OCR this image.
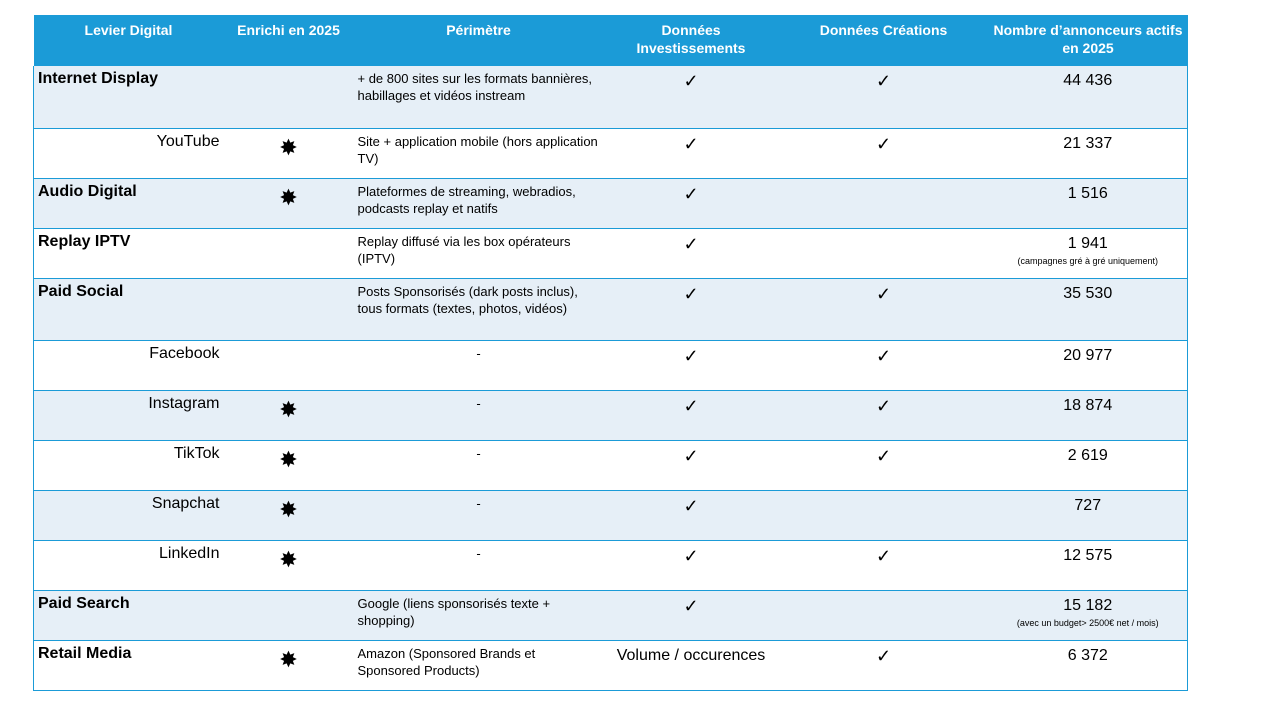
Levier Digital	Enrichi en 2025	Périmètre	Données Investissements	Données Créations	Nombre d’annonceurs actifs en 2025
Internet Display		+ de 800 sites sur les formats bannières, habillages et vidéos instream	✓	✓	44 436
YouTube	✸	Site + application mobile (hors application TV)	✓	✓	21 337
Audio Digital	✸	Plateformes de streaming, webradios, podcasts replay et natifs	✓		1 516
Replay IPTV		Replay diffusé via les box opérateurs (IPTV)	✓		1 941
(campagnes gré à gré uniquement)

Paid Social		Posts Sponsorisés (dark posts inclus), tous formats (textes, photos, vidéos)	✓	✓	35 530
Facebook		-	✓	✓	20 977
Instagram	✸	-	✓	✓	18 874
TikTok	✸	-	✓	✓	2 619
Snapchat	✸	-	✓		727
LinkedIn	✸	-	✓	✓	12 575
Paid Search		Google (liens sponsorisés texte + shopping)	✓		15 182
(avec un budget> 2500€ net / mois)

Retail Media	✸	Amazon (Sponsored Brands et Sponsored Products)	Volume / occurences	✓	6 372
